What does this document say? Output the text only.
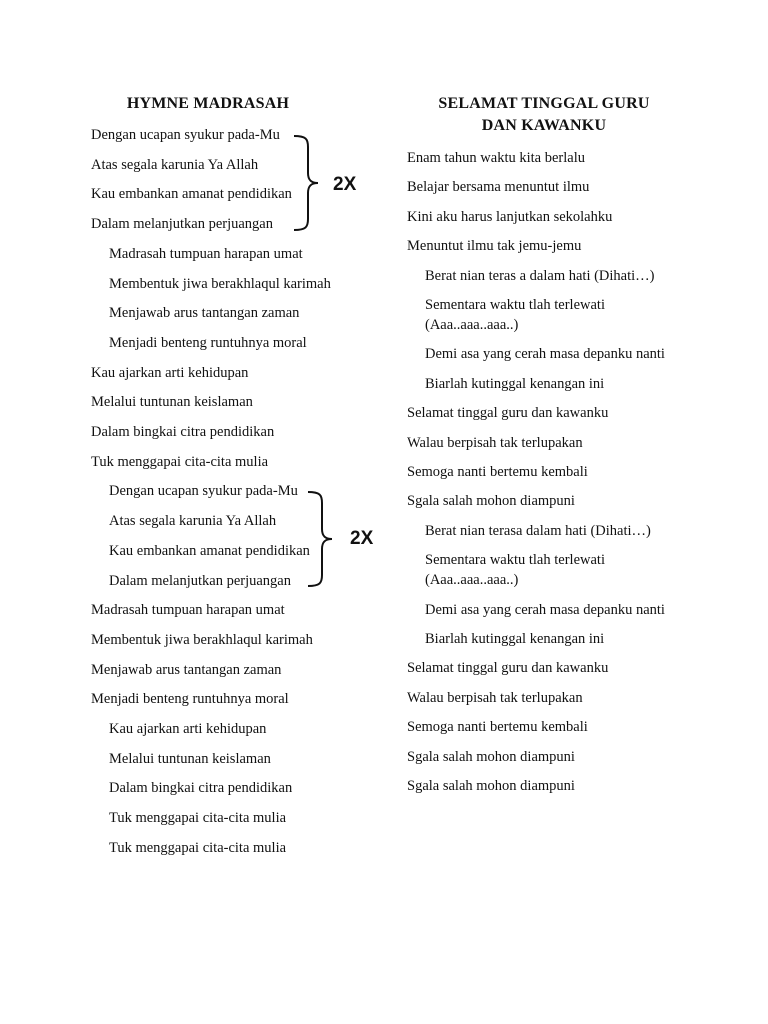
HYMNE MADRASAH	SELAMAT TINGGAL GURU
DAN KAWANKU
Dengan ucapan syukur pada-Mu
Atas segala karunia Ya Allah
Kau embankan amanat pendidikan
Dalam melanjutkan perjuangan
Madrasah tumpuan harapan umat
Membentuk jiwa berakhlaqul karimah
Menjawab arus tantangan zaman
Menjadi benteng runtuhnya moral
Kau ajarkan arti kehidupan
Melalui tuntunan keislaman
Dalam bingkai citra pendidikan
Tuk menggapai cita-cita mulia
Dengan ucapan syukur pada-Mu
Atas segala karunia Ya Allah
Kau embankan amanat pendidikan
Dalam melanjutkan perjuangan
Madrasah tumpuan harapan umat
Membentuk jiwa berakhlaqul karimah
Menjawab arus tantangan zaman
Menjadi benteng runtuhnya moral
Kau ajarkan arti kehidupan
Melalui tuntunan keislaman
Dalam bingkai citra pendidikan
Tuk menggapai cita-cita mulia
Tuk menggapai cita-cita mulia
Enam tahun waktu kita berlalu
Belajar bersama menuntut ilmu
Kini aku harus lanjutkan sekolahku
Menuntut ilmu tak jemu-jemu
Berat nian teras a dalam hati (Dihati…)
Sementara waktu tlah terlewati (Aaa..aaa..aaa..)
Demi asa yang cerah masa depanku nanti
Biarlah kutinggal kenangan ini
Selamat tinggal guru dan kawanku
Walau berpisah tak terlupakan
Semoga nanti bertemu kembali
Sgala salah mohon diampuni
Berat nian terasa dalam hati (Dihati…)
Sementara waktu tlah terlewati (Aaa..aaa..aaa..)
Demi asa yang cerah masa depanku nanti
Biarlah kutinggal kenangan ini
Selamat tinggal guru dan kawanku
Walau berpisah tak terlupakan
Semoga nanti bertemu kembali
Sgala salah mohon diampuni
Sgala salah mohon diampuni
2X
2X
